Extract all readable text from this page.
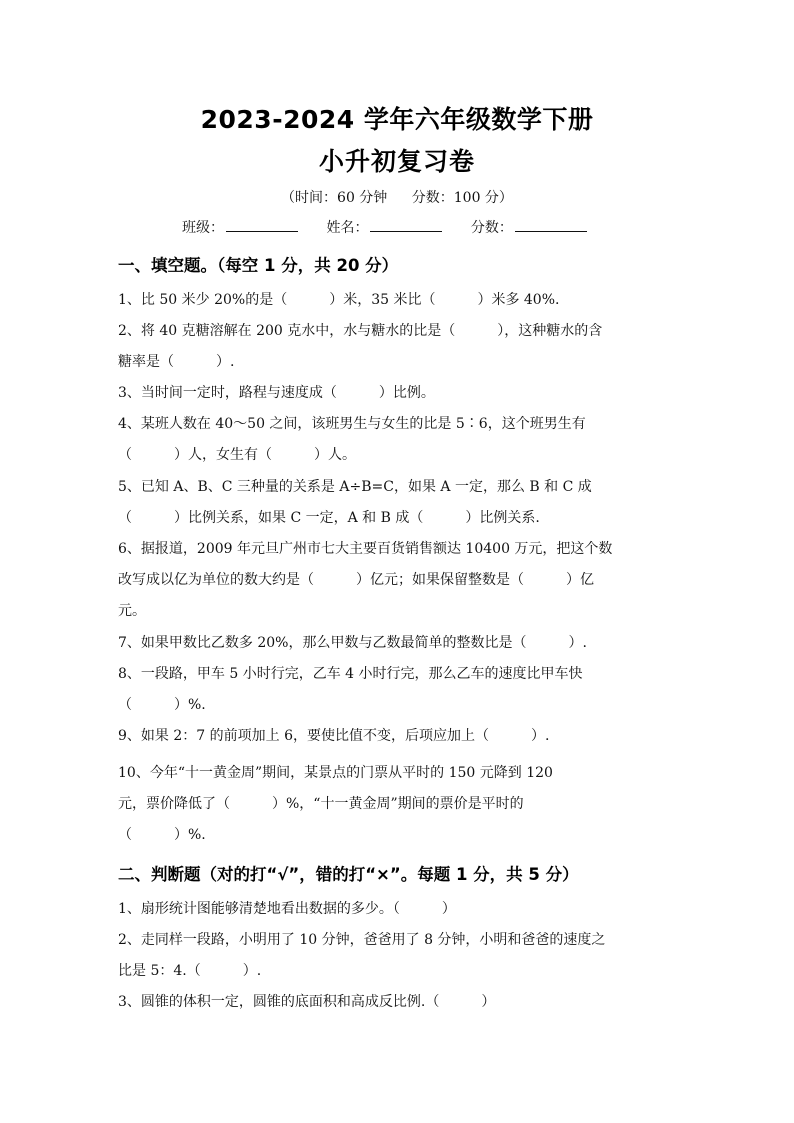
2023-2024 学年六年级数学下册
小升初复习卷
（时间：60 分钟 分数：100 分）
班级：	姓名：	分数：
一、填空题。（每空 1 分，共 20 分）
1、比 50 米少 20%的是（　　　）米，35 米比（　　　）米多 40%.
2、将 40 克糖溶解在 200 克水中，水与糖水的比是（　　　），这种糖水的含
糖率是（　　　）.
3、当时间一定时，路程与速度成（　　　）比例。
4、某班人数在 40～50 之间，该班男生与女生的比是 5∶6，这个班男生有
（　　　）人，女生有（　　　）人。
5、已知 A、B、C 三种量的关系是 A÷B=C，如果 A 一定，那么 B 和 C 成
（　　　）比例关系，如果 C 一定，A 和 B 成（　　　）比例关系.
6、据报道，2009 年元旦广州市七大主要百货销售额达 10400 万元，把这个数
改写成以亿为单位的数大约是（　　　）亿元；如果保留整数是（　　　）亿
元。
7、如果甲数比乙数多 20%，那么甲数与乙数最简单的整数比是（　　　）.
8、一段路，甲车 5 小时行完，乙车 4 小时行完，那么乙车的速度比甲车快
（　　　）%.
9、如果 2：7 的前项加上 6，要使比值不变，后项应加上（　　　）.
10、今年“十一黄金周”期间，某景点的门票从平时的 150 元降到 120
元，票价降低了（　　　）%，“十一黄金周”期间的票价是平时的
（　　　）%.
二、判断题（对的打“√”，错的打“×”。每题 1 分，共 5 分）
1、扇形统计图能够清楚地看出数据的多少。（　　　）
2、走同样一段路，小明用了 10 分钟，爸爸用了 8 分钟，小明和爸爸的速度之
比是 5：4.（　　　）.
3、圆锥的体积一定，圆锥的底面积和高成反比例.（　　　）
